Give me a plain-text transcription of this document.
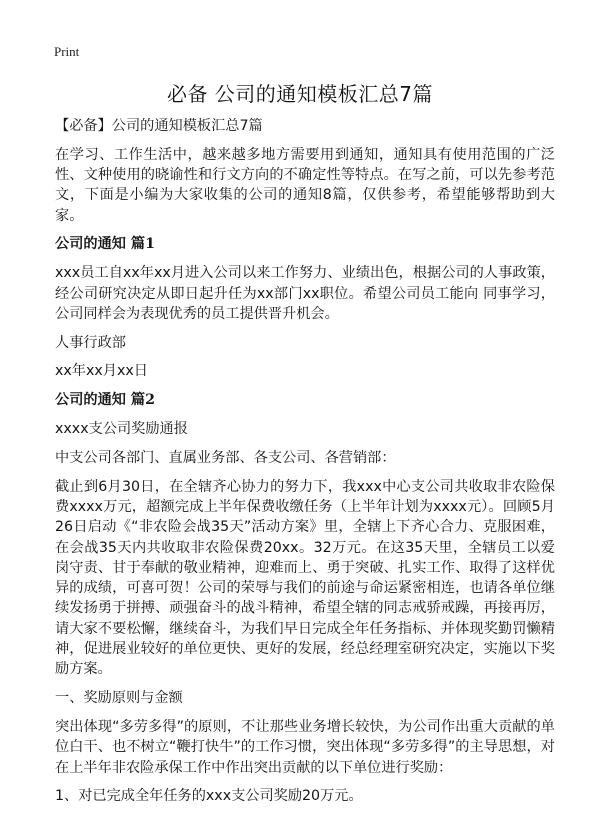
Print
必备 公司的通知模板汇总7篇

【必备】公司的通知模板汇总7篇

在学习、工作生活中，越来越多地方需要用到通知，通知具有使用范围的广泛性、文种使用的晓谕性和行文方向的不确定性等特点。在写之前，可以先参考范文，下面是小编为大家收集的公司的通知8篇，仅供参考，希望能够帮助到大家。

公司的通知 篇1

xxx员工自xx年xx月进入公司以来工作努力、业绩出色，根据公司的人事政策，经公司研究决定从即日起升任为xx部门xx职位。希望公司员工能向 同事学习，公司同样会为表现优秀的员工提供晋升机会。

人事行政部

xx年xx月xx日

公司的通知 篇2

xxxx支公司奖励通报

中支公司各部门、直属业务部、各支公司、各营销部：

截止到6月30日，在全辖齐心协力的努力下，我xxx中心支公司共收取非农险保费xxxx万元，超额完成上半年保费收缴任务（上半年计划为xxxx元）。回顾5月26日启动《“非农险会战35天”活动方案》里，全辖上下齐心合力、克服困难，在会战35天内共收取非农险保费20xx。32万元。在这35天里，全辖员工以爱岗守责、甘于奉献的敬业精神，迎难而上、勇于突破、扎实工作、取得了这样优异的成绩，可喜可贺！公司的荣辱与我们的前途与命运紧密相连，也请各单位继续发扬勇于拼搏、顽强奋斗的战斗精神，希望全辖的同志戒骄戒躁，再接再厉，请大家不要松懈，继续奋斗，为我们早日完成全年任务指标、并体现奖勤罚懒精神，促进展业较好的单位更快、更好的发展，经总经理室研究决定，实施以下奖励方案。

一、奖励原则与金额

突出体现“多劳多得”的原则，不让那些业务增长较快，为公司作出重大贡献的单位白干、也不树立“鞭打快牛”的工作习惯，突出体现“多劳多得”的主导思想，对在上半年非农险承保工作中作出突出贡献的以下单位进行奖励：

1、对已完成全年任务的xxx支公司奖励20万元。
